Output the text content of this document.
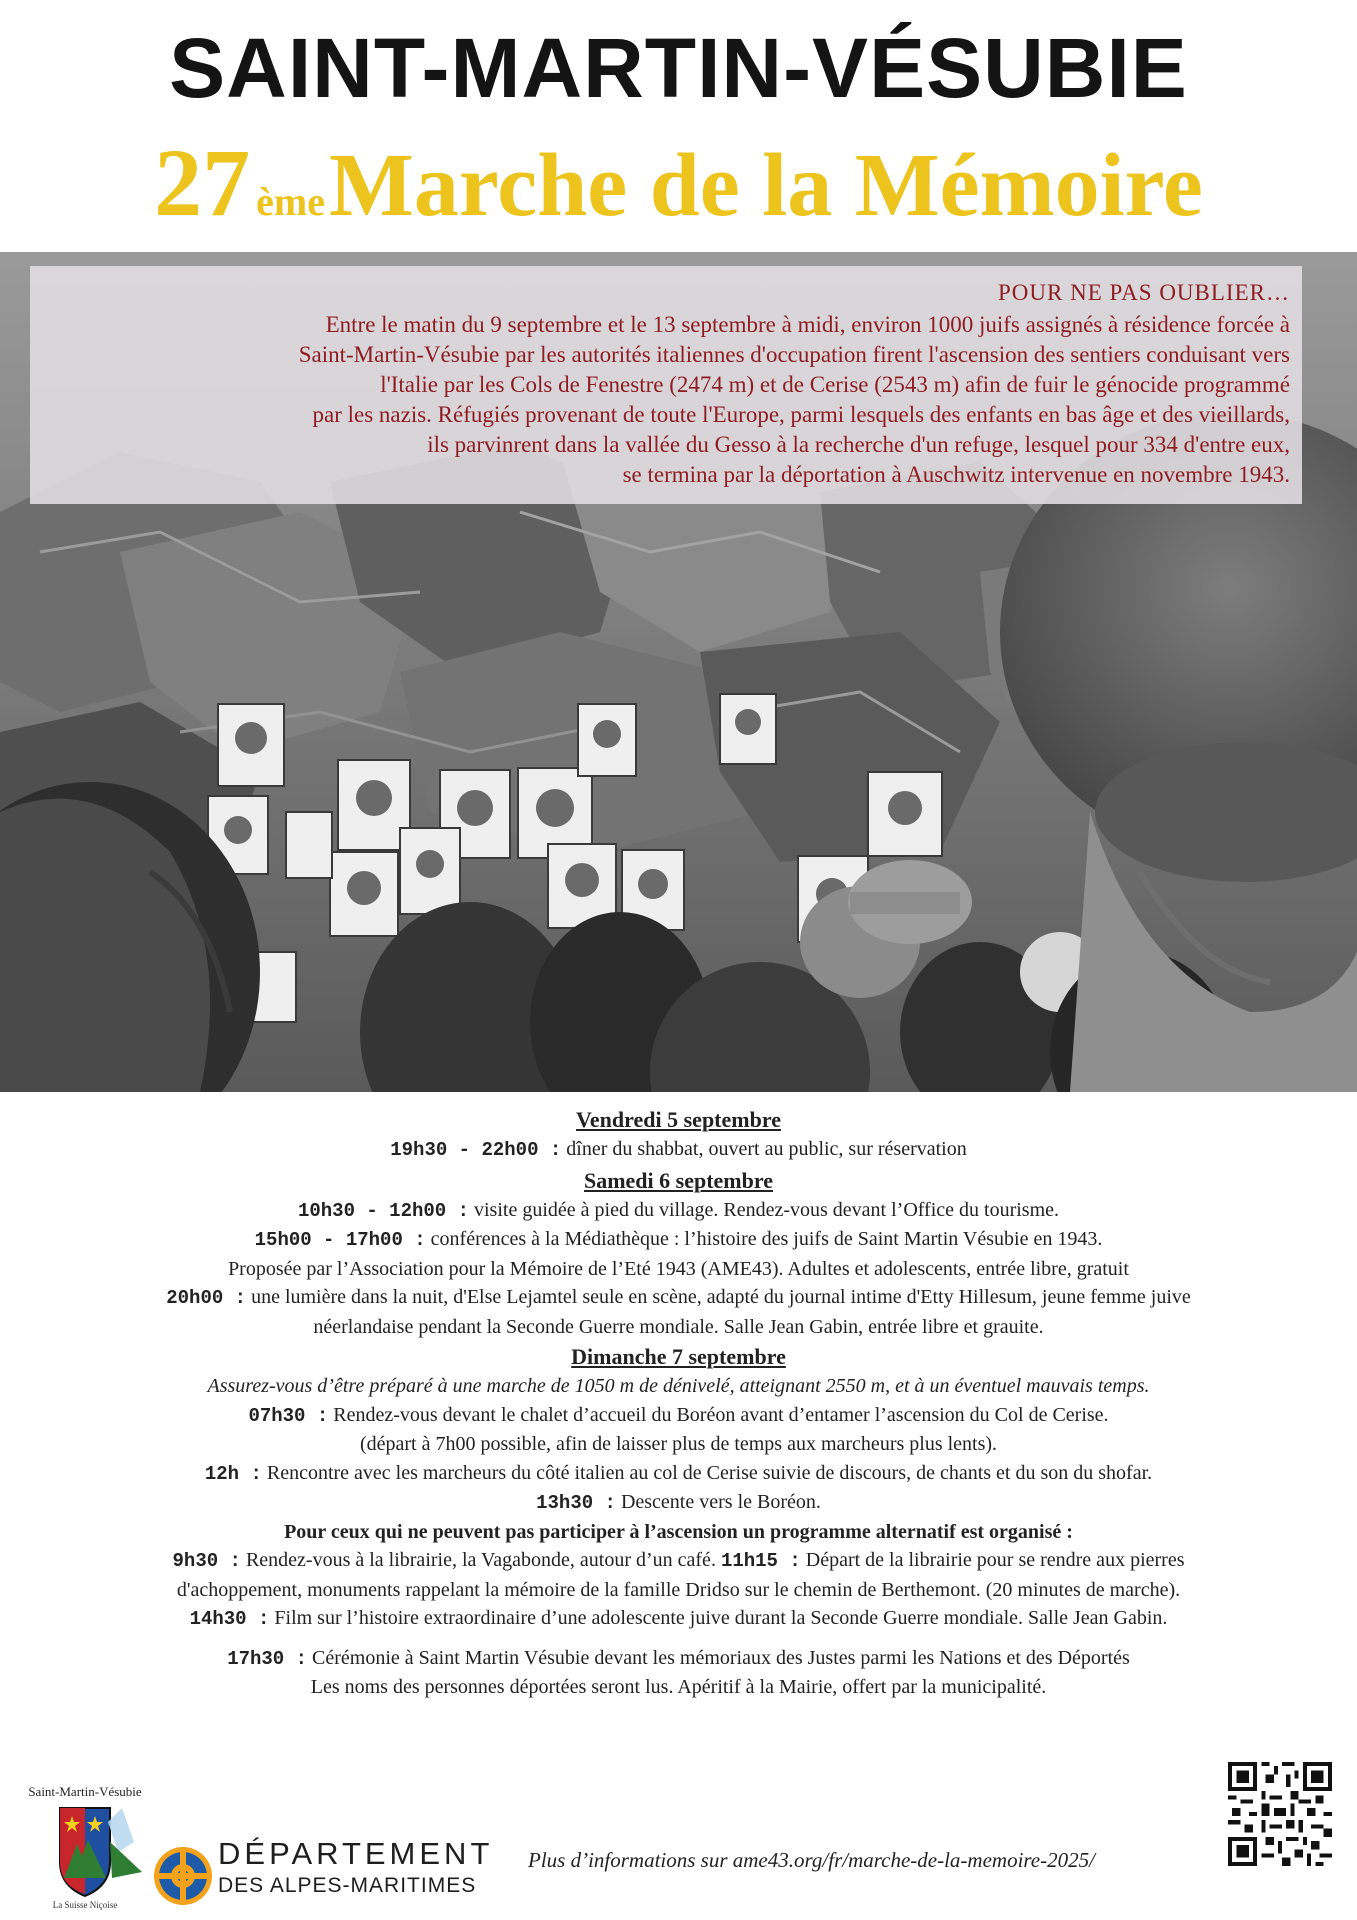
SAINT-MARTIN-VÉSUBIE
27 èmeMarche de la Mémoire
POUR NE PAS OUBLIER…
Entre le matin du 9 septembre et le 13 septembre à midi, environ 1000 juifs assignés à résidence forcée à
Saint-Martin-Vésubie par les autorités italiennes d'occupation firent l'ascension des sentiers conduisant vers
l'Italie par les Cols de Fenestre (2474 m) et de Cerise (2543 m) afin de fuir le génocide programmé
par les nazis. Réfugiés provenant de toute l'Europe, parmi lesquels des enfants en bas âge et des vieillards,
ils parvinrent dans la vallée du Gesso à la recherche d'un refuge, lesquel pour 334 d'entre eux,
se termina par la déportation à Auschwitz intervenue en novembre 1943.

Vendredi 5 septembre

19h30 - 22h00 : dîner du shabbat, ouvert au public, sur réservation

Samedi 6 septembre

10h30 - 12h00 : visite guidée à pied du village. Rendez-vous devant l’Office du tourisme.

15h00 - 17h00 : conférences à la Médiathèque : l’histoire des juifs de Saint Martin Vésubie en 1943.

Proposée par l’Association pour la Mémoire de l’Eté 1943 (AME43). Adultes et adolescents, entrée libre, gratuit

20h00 : une lumière dans la nuit, d'Else Lejamtel seule en scène, adapté du journal intime d'Etty Hillesum, jeune femme juive

néerlandaise pendant la Seconde Guerre mondiale. Salle Jean Gabin, entrée libre et grauite.

Dimanche 7 septembre

Assurez-vous d’être préparé à une marche de 1050 m de dénivelé, atteignant 2550 m, et à un éventuel mauvais temps.

07h30 : Rendez-vous devant le chalet d’accueil du Boréon avant d’entamer l’ascension du Col de Cerise.

(départ à 7h00 possible, afin de laisser plus de temps aux marcheurs plus lents).

12h : Rencontre avec les marcheurs du côté italien au col de Cerise suivie de discours, de chants et du son du shofar.

13h30 : Descente vers le Boréon.

Pour ceux qui ne peuvent pas participer à l’ascension un programme alternatif est organisé :

9h30 : Rendez-vous à la librairie, la Vagabonde, autour d’un café. 11h15 : Départ de la librairie pour se rendre aux pierres

d'achoppement, monuments rappelant la mémoire de la famille Dridso sur le chemin de Berthemont. (20 minutes de marche).

14h30 : Film sur l’histoire extraordinaire d’une adolescente juive durant la Seconde Guerre mondiale. Salle Jean Gabin.

17h30 : Cérémonie à Saint Martin Vésubie devant les mémoriaux des Justes parmi les Nations et des Déportés

Les noms des personnes déportées seront lus. Apéritif à la Mairie, offert par la municipalité.

Saint-Martin-Vésubie
La Suisse Niçoise
DÉPARTEMENT
DES ALPES-MARITIMES
Plus d’informations sur ame43.org/fr/marche-de-la-memoire-2025/
